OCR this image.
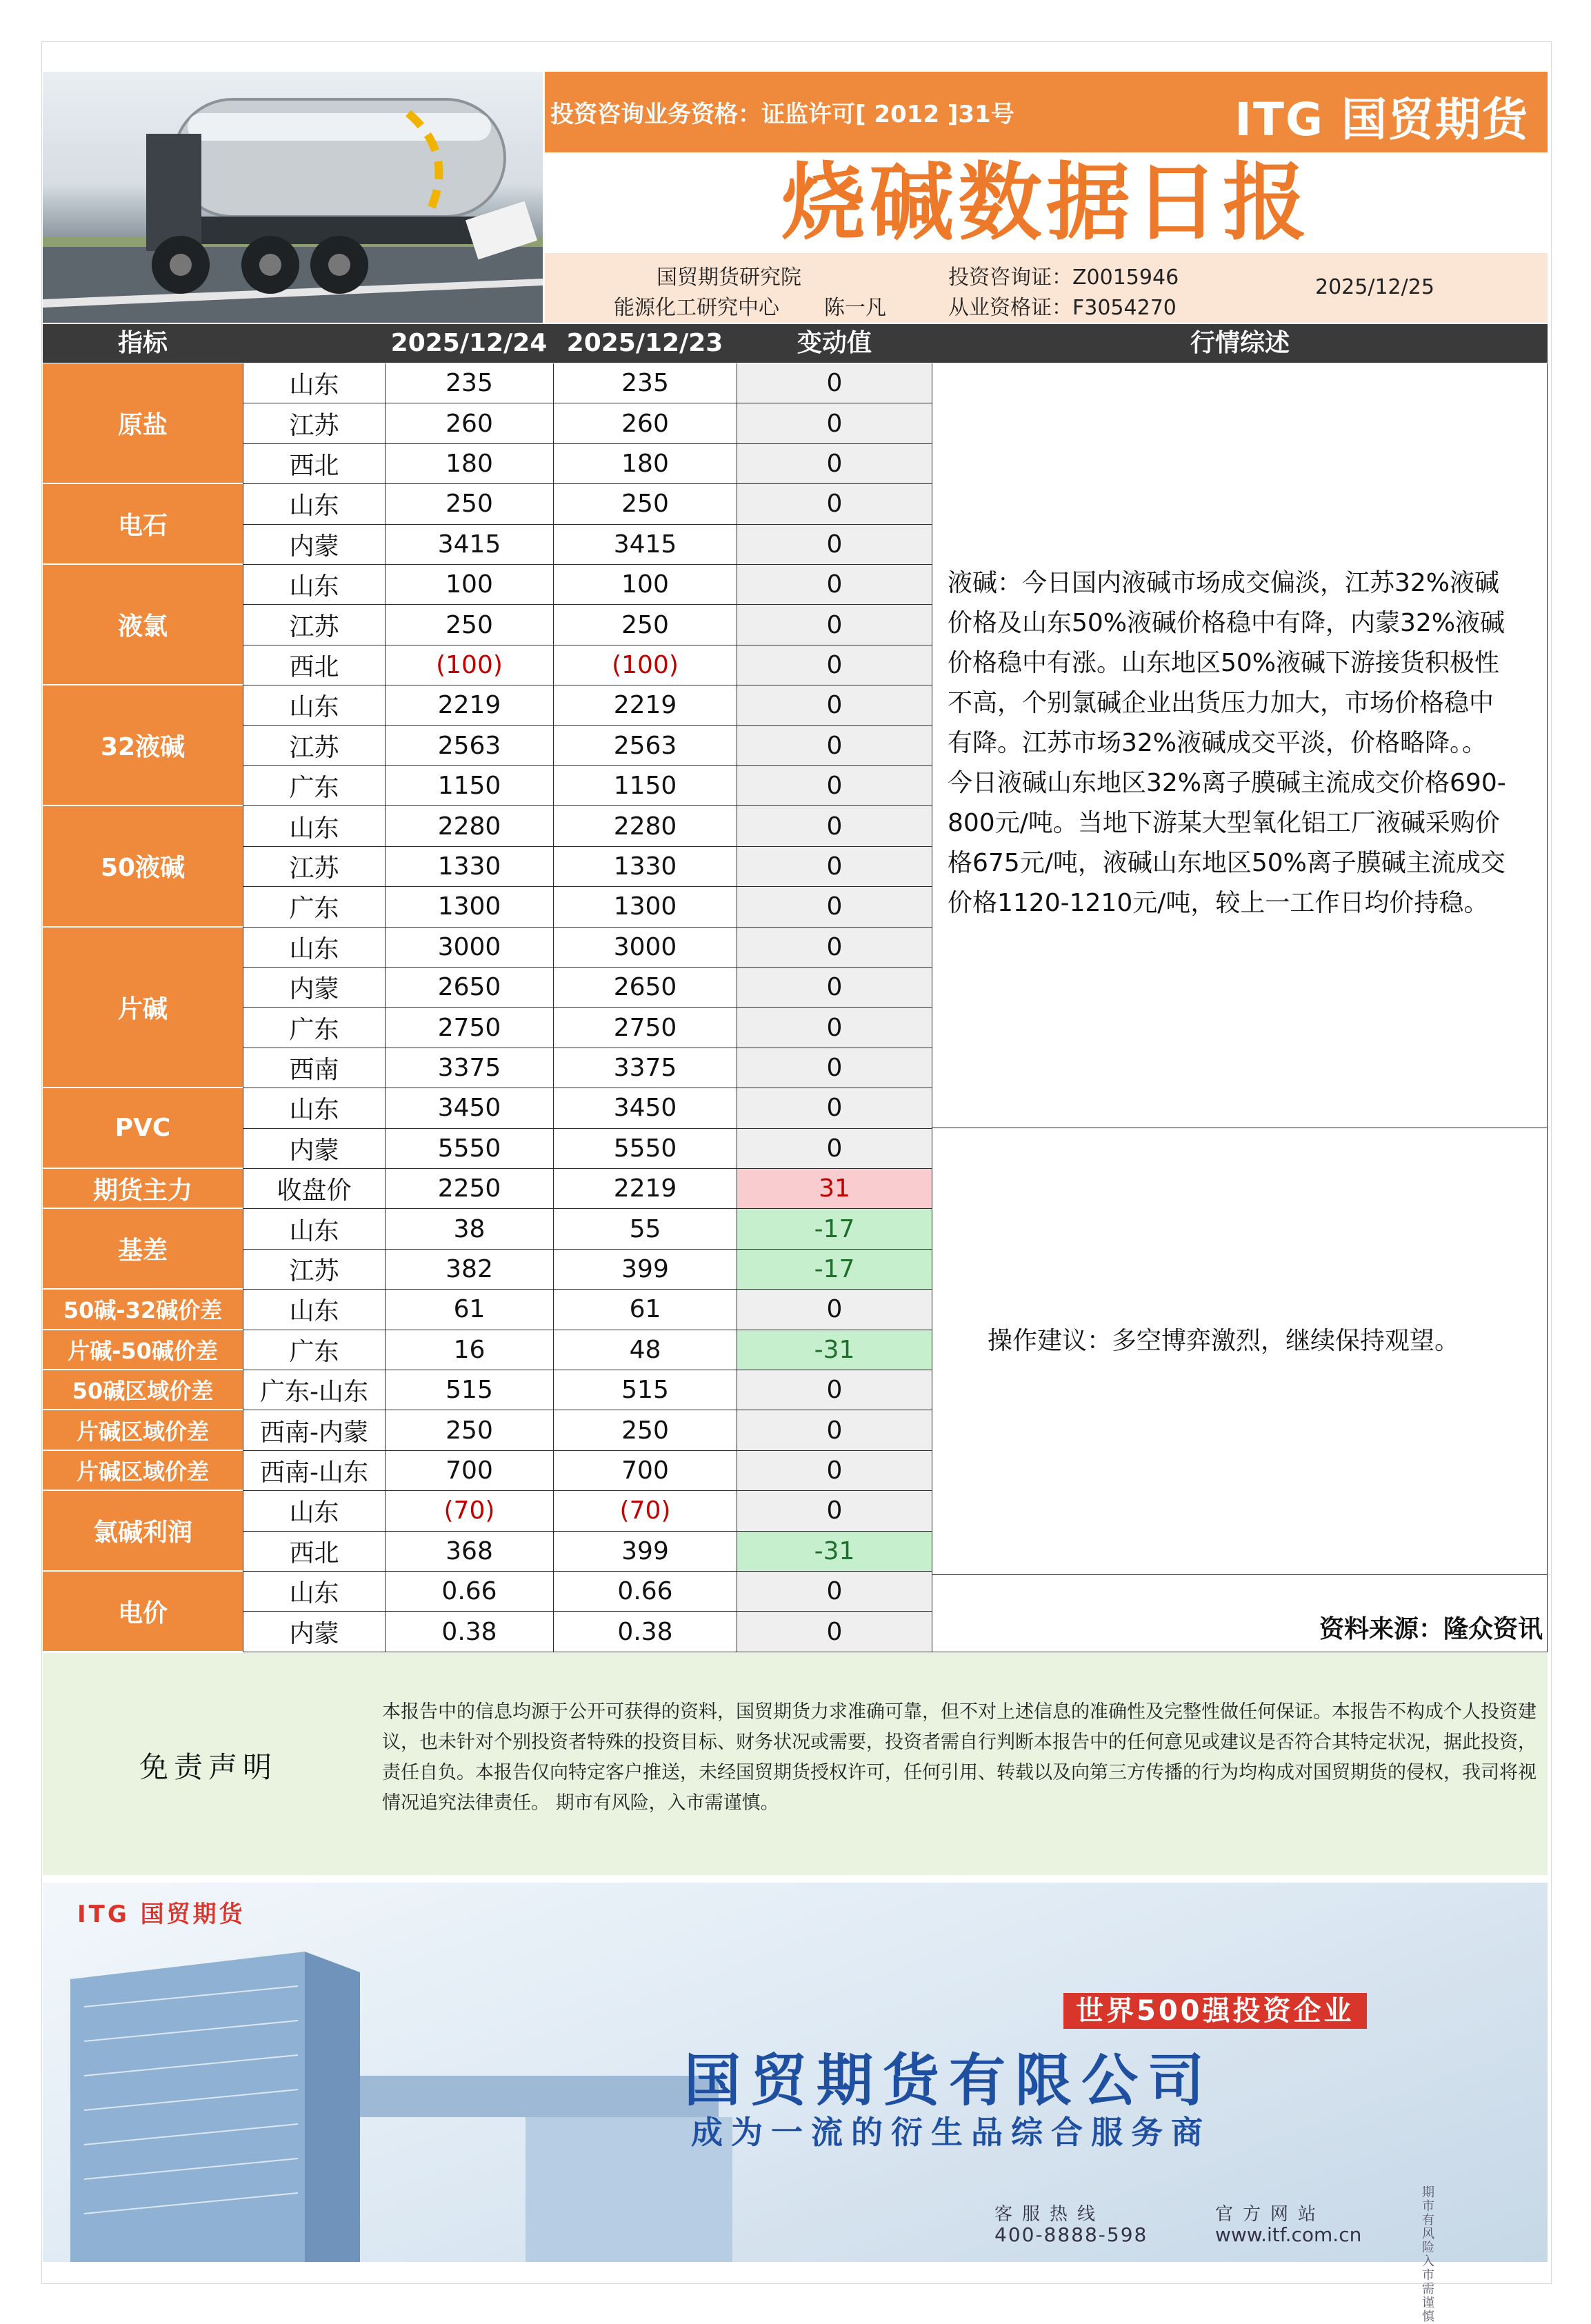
投资咨询业务资格：证监许可[ 2012 ]31号	ITG 国贸期货
烧碱数据日报
国贸期货研究院
能源化工研究中心 陈一凡
投资咨询证：Z0015946
从业资格证：F3054270
2025/12/25
指标	2025/12/24 2025/12/23	变动值	行情综述
原盐
山东	235	235	0
江苏	260	260	0
西北	180	180	0
电石
山东	250	250	0
内蒙	3415	3415	0
液氯
山东	100	100	0
江苏	250	250	0
西北	(100)	(100)	0
32液碱
山东	2219	2219	0
江苏	2563	2563	0
广东	1150	1150	0
50液碱
山东	2280	2280	0
江苏	1330	1330	0
广东	1300	1300	0
片碱
山东	3000	3000	0
内蒙	2650	2650	0
广东	2750	2750	0
西南	3375	3375	0
PVC
山东	3450	3450	0
内蒙	5550	5550	0
期货主力	收盘价	2250	2219	31
基差
山东	38	55	-17
江苏	382	399	-17
50碱-32碱价差	山东	61	61	0
片碱-50碱价差	广东	16	48	-31
50碱区域价差	广东-山东	515	515	0
片碱区域价差	西南-内蒙	250	250	0
片碱区域价差	西南-山东	700	700	0
氯碱利润
山东	(70)	(70)	0
西北	368	399	-31
电价
山东	0.66	0.66	0
内蒙	0.38	0.38	0

液碱：今日国内液碱市场成交偏淡，江苏32%液碱

价格及山东50%液碱价格稳中有降，内蒙32%液碱

价格稳中有涨。山东地区50%液碱下游接货积极性

不高，个别氯碱企业出货压力加大，市场价格稳中

有降。江苏市场32%液碱成交平淡，价格略降。。

今日液碱山东地区32%离子膜碱主流成交价格690-

800元/吨。当地下游某大型氧化铝工厂液碱采购价

格675元/吨，液碱山东地区50%离子膜碱主流成交

价格1120-1210元/吨，较上一工作日均价持稳。

操作建议：多空博弈激烈，继续保持观望。

资料来源：隆众资讯

免责声明
本报告中的信息均源于公开可获得的资料，国贸期货力求准确可靠，但不对上述信息的准确性及完整性做任何保证。本报告不构成个人投资建议，也未针对个别投资者特殊的投资目标、财务状况或需要，投资者需自行判断本报告中的任何意见或建议是否符合其特定状况，据此投资，责任自负。本报告仅向特定客户推送，未经国贸期货授权许可，任何引用、转载以及向第三方传播的行为均构成对国贸期货的侵权，我司将视情况追究法律责任。 期市有风险，入市需谨慎。
ITG 国贸期货
世界500强投资企业
国贸期货有限公司
成为一流的衍生品综合服务商
客服热线
400-8888-598
官方网站
www.itf.com.cn
期市有风险 入市需谨慎
